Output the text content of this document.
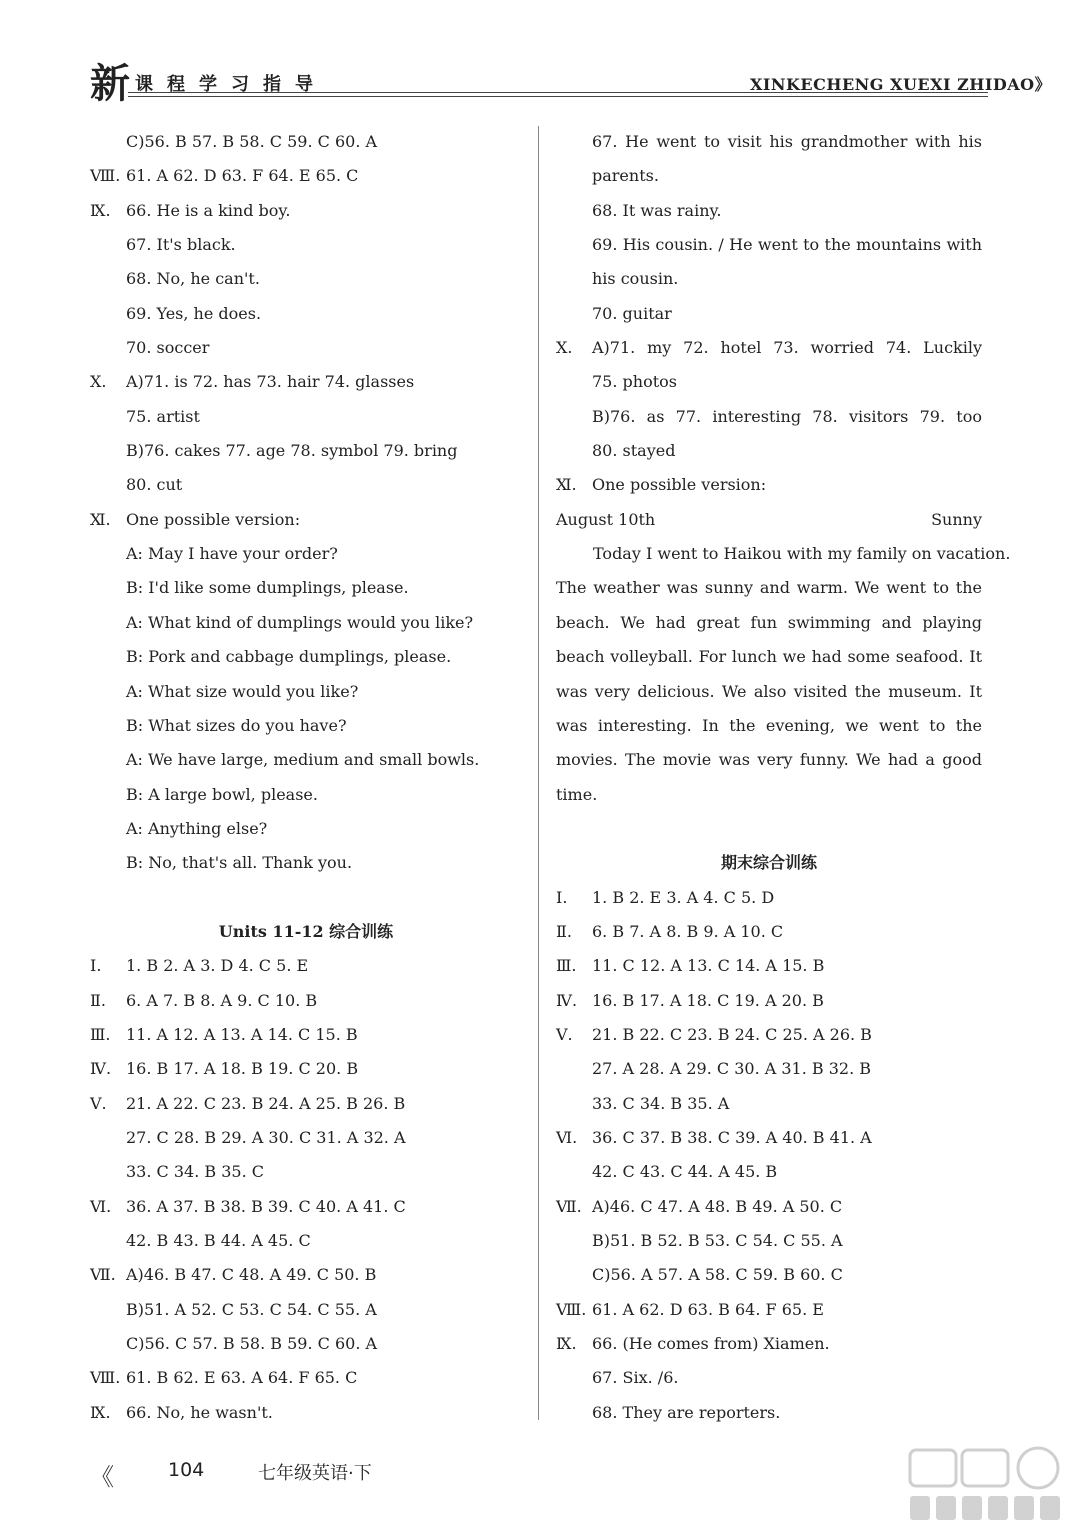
新 课程学习指导	XINKECHENG XUEXI ZHIDAO》
C)56. B 57. B 58. C 59. C 60. A
Ⅷ. 61. A 62. D 63. F 64. E 65. C
Ⅸ. 66. He is a kind boy.
67. It's black.
68. No, he can't.
69. Yes, he does.
70. soccer
Ⅹ. A)71. is 72. has 73. hair 74. glasses
75. artist
B)76. cakes 77. age 78. symbol 79. bring
80. cut
Ⅺ. One possible version:
A: May I have your order?
B: I'd like some dumplings, please.
A: What kind of dumplings would you like?
B: Pork and cabbage dumplings, please.
A: What size would you like?
B: What sizes do you have?
A: We have large, medium and small bowls.
B: A large bowl, please.
A: Anything else?
B: No, that's all. Thank you.
Units 11-12 综合训练
Ⅰ. 1. B 2. A 3. D 4. C 5. E
Ⅱ. 6. A 7. B 8. A 9. C 10. B
Ⅲ. 11. A 12. A 13. A 14. C 15. B
Ⅳ. 16. B 17. A 18. B 19. C 20. B
Ⅴ. 21. A 22. C 23. B 24. A 25. B 26. B
27. C 28. B 29. A 30. C 31. A 32. A
33. C 34. B 35. C
Ⅵ. 36. A 37. B 38. B 39. C 40. A 41. C
42. B 43. B 44. A 45. C
Ⅶ. A)46. B 47. C 48. A 49. C 50. B
B)51. A 52. C 53. C 54. C 55. A
C)56. C 57. B 58. B 59. C 60. A
Ⅷ. 61. B 62. E 63. A 64. F 65. C
Ⅸ. 66. No, he wasn't.
67. He went to visit his grandmother with his
parents.
68. It was rainy.
69. His cousin. / He went to the mountains with
his cousin.
70. guitar
Ⅹ. A)71. my 72. hotel 73. worried 74. Luckily
75. photos
B)76. as 77. interesting 78. visitors 79. too
80. stayed
Ⅺ. One possible version:
August 10th	Sunny
Today I went to Haikou with my family on vacation.
The weather was sunny and warm. We went to the
beach. We had great fun swimming and playing
beach volleyball. For lunch we had some seafood. It
was very delicious. We also visited the museum. It
was interesting. In the evening, we went to the
movies. The movie was very funny. We had a good
time.
期末综合训练
Ⅰ. 1. B 2. E 3. A 4. C 5. D
Ⅱ. 6. B 7. A 8. B 9. A 10. C
Ⅲ. 11. C 12. A 13. C 14. A 15. B
Ⅳ. 16. B 17. A 18. C 19. A 20. B
Ⅴ. 21. B 22. C 23. B 24. C 25. A 26. B
27. A 28. A 29. C 30. A 31. B 32. B
33. C 34. B 35. A
Ⅵ. 36. C 37. B 38. C 39. A 40. B 41. A
42. C 43. C 44. A 45. B
Ⅶ. A)46. C 47. A 48. B 49. A 50. C
B)51. B 52. B 53. C 54. C 55. A
C)56. A 57. A 58. C 59. B 60. C
Ⅷ. 61. A 62. D 63. B 64. F 65. E
Ⅸ. 66. (He comes from) Xiamen.
67. Six. /6.
68. They are reporters.
《	104	七年级英语·下
